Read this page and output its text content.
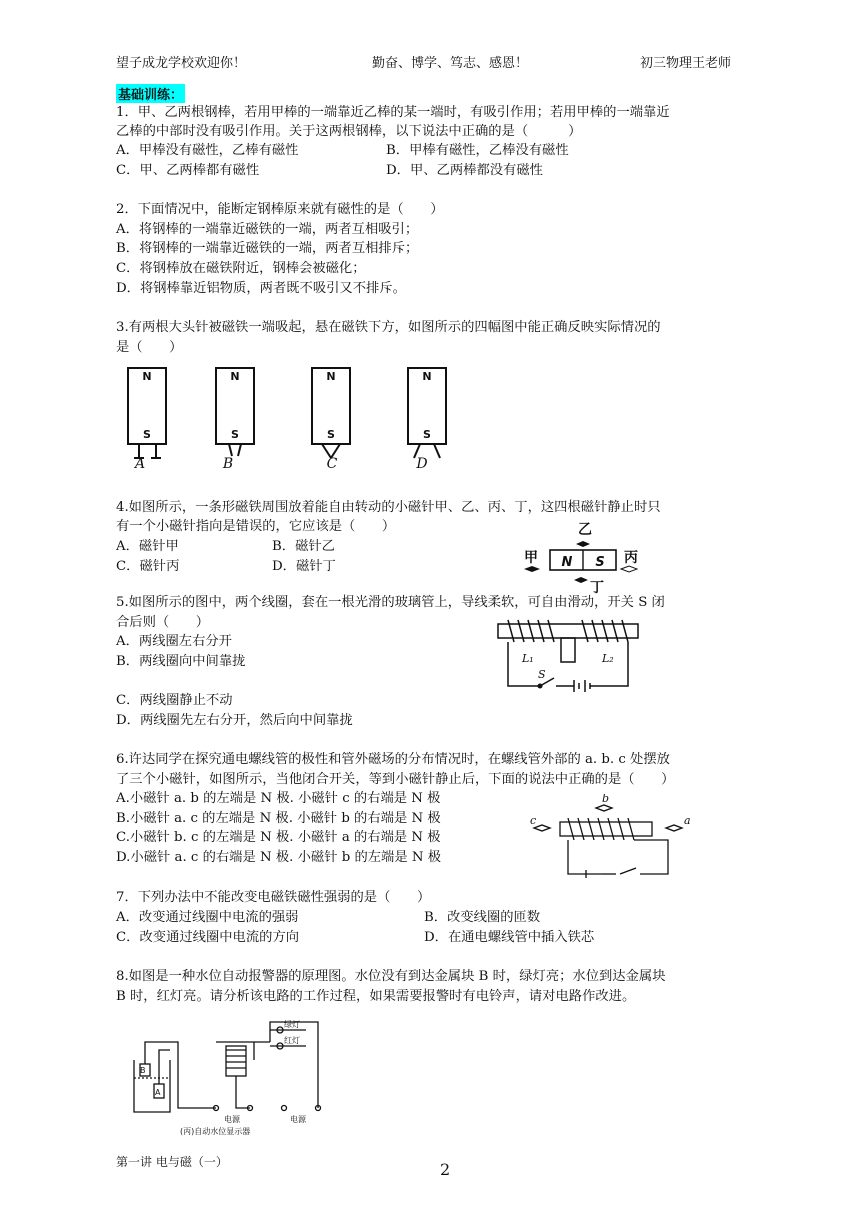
望子成龙学校欢迎你！	勤奋、博学、笃志、感恩！	初三物理王老师
基础训练：
1．甲、乙两根钢棒，若用甲棒的一端靠近乙棒的某一端时，有吸引作用；若用甲棒的一端靠近
乙棒的中部时没有吸引作用。关于这两根钢棒，以下说法中正确的是（　　　）
A．甲棒没有磁性，乙棒有磁性	B．甲棒有磁性，乙棒没有磁性
C．甲、乙两棒都有磁性	D．甲、乙两棒都没有磁性
2．下面情况中，能断定钢棒原来就有磁性的是（　　）
A．将钢棒的一端靠近磁铁的一端，两者互相吸引；
B．将钢棒的一端靠近磁铁的一端，两者互相排斥；
C．将钢棒放在磁铁附近，钢棒会被磁化；
D．将钢棒靠近铝物质，两者既不吸引又不排斥。
3.有两根大头针被磁铁一端吸起，悬在磁铁下方，如图所示的四幅图中能正确反映实际情况的
是（　　）
N
S
N
S
N
S
N
S
A	B	C	D
4.如图所示，一条形磁铁周围放着能自由转动的小磁针甲、乙、丙、丁，这四根磁针静止时只
有一个小磁针指向是错误的，它应该是（　　）
A．磁针甲	B．磁针乙
C．磁针丙	D．磁针丁	N S
甲
乙
丙
丁
5.如图所示的图中，两个线圈，套在一根光滑的玻璃管上，导线柔软，可自由滑动，开关 S 闭
合后则（　　）
A．两线圈左右分开
B．两线圈向中间靠拢
C．两线圈静止不动
D．两线圈先左右分开，然后向中间靠拢
L₁	L₂
S
6.许达同学在探究通电螺线管的极性和管外磁场的分布情况时，在螺线管外部的 a. b. c 处摆放
了三个小磁针，如图所示，当他闭合开关，等到小磁针静止后，下面的说法中正确的是（　　）
A.小磁针 a. b 的左端是 N 极. 小磁针 c 的右端是 N 极
B.小磁针 a. c 的左端是 N 极. 小磁针 b 的右端是 N 极
C.小磁针 b. c 的左端是 N 极. 小磁针 a 的右端是 N 极
D.小磁针 a. c 的右端是 N 极. 小磁针 b 的左端是 N 极
c
b
a
7．下列办法中不能改变电磁铁磁性强弱的是（　　）
A．改变通过线圈中电流的强弱	B．改变线圈的匝数
C．改变通过线圈中电流的方向	D．在通电螺线管中插入铁芯
8.如图是一种水位自动报警器的原理图。水位没有到达金属块 B 时，绿灯亮；水位到达金属块
B 时，红灯亮。请分析该电路的工作过程，如果需要报警时有电铃声，请对电路作改进。
绿灯
红灯
电源	电源
B
A
(丙)自动水位显示器
第一讲 电与磁（一）	2
